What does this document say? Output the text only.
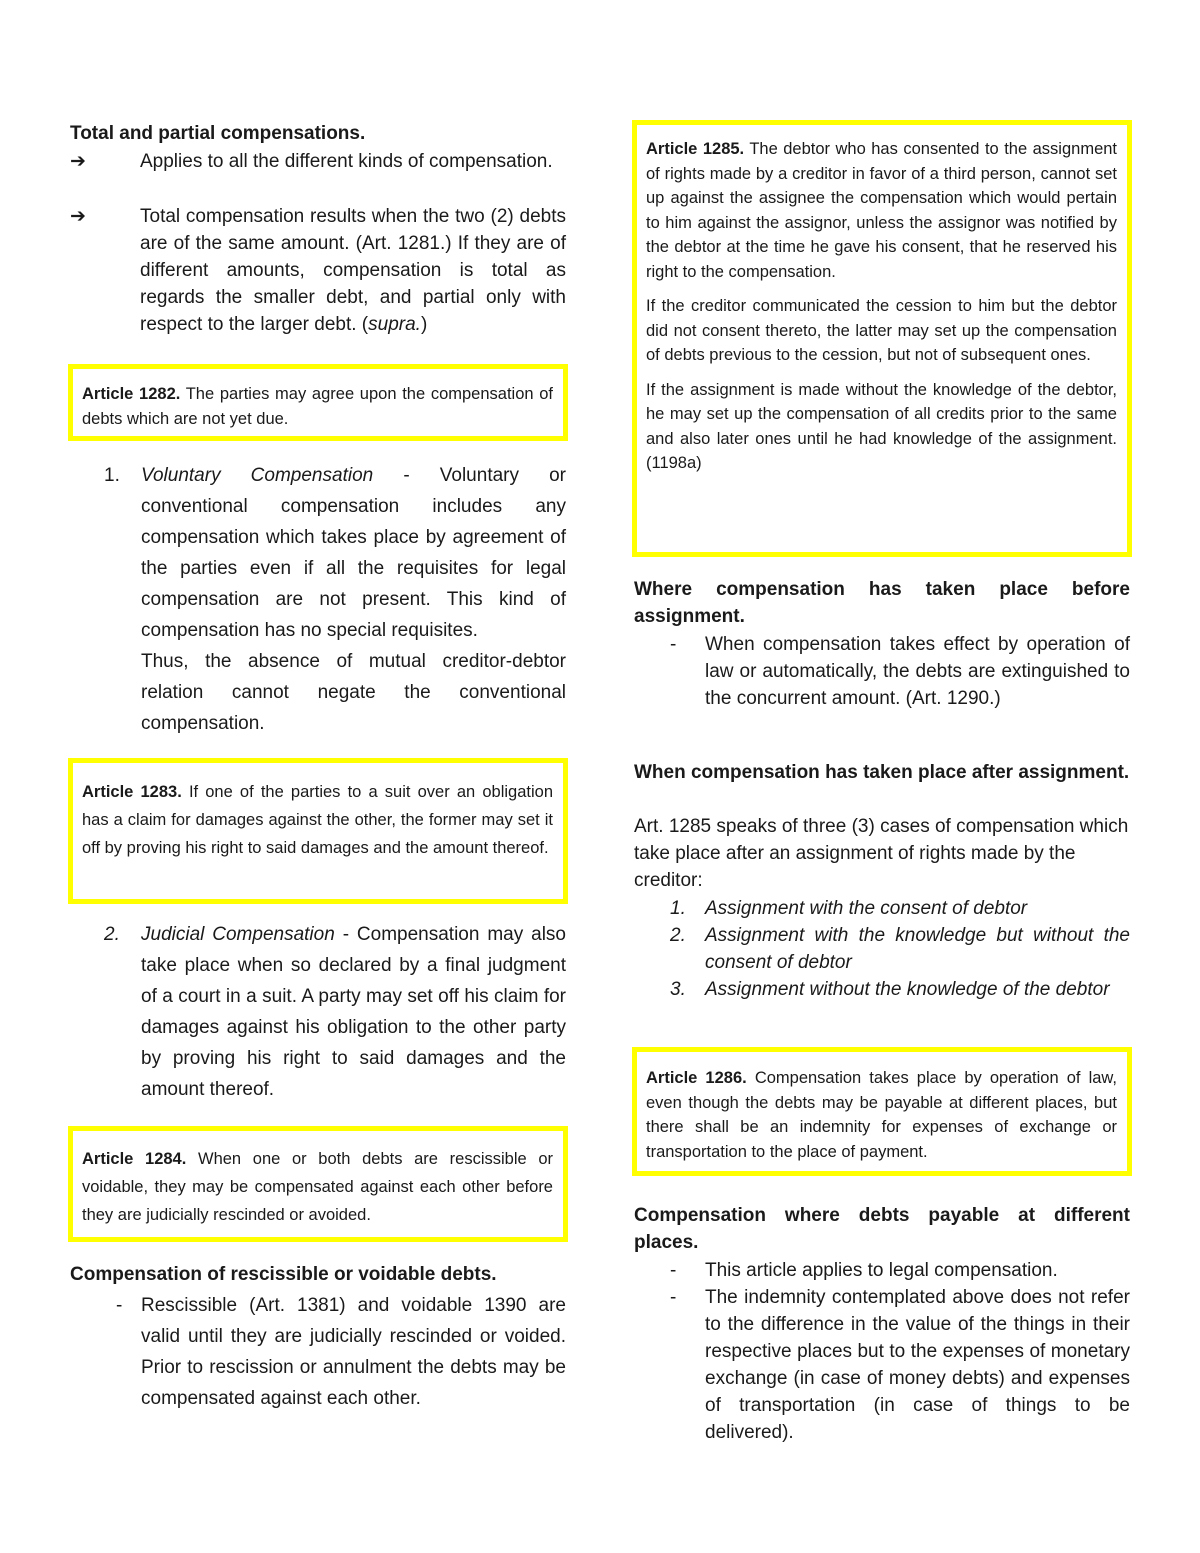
Total and partial compensations.
➔	Applies to all the different kinds of compensation.
➔	Total compensation results when the two (2) debts are of the same amount. (Art. 1281.) If they are of different amounts, compensation is total as regards the smaller debt, and partial only with respect to the larger debt. (supra.)
Article 1282. The parties may agree upon the compensation of debts which are not yet due.
1. Voluntary Compensation - Voluntary or conventional compensation includes any compensation which takes place by agreement of the parties even if all the requisites for legal compensation are not present. This kind of compensation has no special requisites.
Thus, the absence of mutual creditor-debtor relation cannot negate the conventional compensation.
Article 1283. If one of the parties to a suit over an obligation has a claim for damages against the other, the former may set it off by proving his right to said damages and the amount thereof.
2. Judicial Compensation - Compensation may also take place when so declared by a final judgment of a court in a suit. A party may set off his claim for damages against his obligation to the other party by proving his right to said damages and the amount thereof.
Article 1284. When one or both debts are rescissible or voidable, they may be compensated against each other before they are judicially rescinded or avoided.
Compensation of rescissible or voidable debts.
- Rescissible (Art. 1381) and voidable 1390 are valid until they are judicially rescinded or voided. Prior to rescission or annulment the debts may be compensated against each other.

Article 1285. The debtor who has consented to the assignment of rights made by a creditor in favor of a third person, cannot set up against the assignee the compensation which would pertain to him against the assignor, unless the assignor was notified by the debtor at the time he gave his consent, that he reserved his right to the compensation.

If the creditor communicated the cession to him but the debtor did not consent thereto, the latter may set up the compensation of debts previous to the cession, but not of subsequent ones.

If the assignment is made without the knowledge of the debtor, he may set up the compensation of all credits prior to the same and also later ones until he had knowledge of the assignment. (1198a)

Where compensation has taken place before assignment.
- When compensation takes effect by operation of law or automatically, the debts are extinguished to the concurrent amount. (Art. 1290.)
When compensation has taken place after assignment.
Art. 1285 speaks of three (3) cases of compensation which take place after an assignment of rights made by the creditor:
1. Assignment with the consent of debtor
2. Assignment with the knowledge but without the consent of debtor
3. Assignment without the knowledge of the debtor
Article 1286. Compensation takes place by operation of law, even though the debts may be payable at different places, but there shall be an indemnity for expenses of exchange or transportation to the place of payment.
Compensation where debts payable at different places.
- This article applies to legal compensation.
- The indemnity contemplated above does not refer to the difference in the value of the things in their respective places but to the expenses of monetary exchange (in case of money debts) and expenses of transportation (in case of things to be delivered).
